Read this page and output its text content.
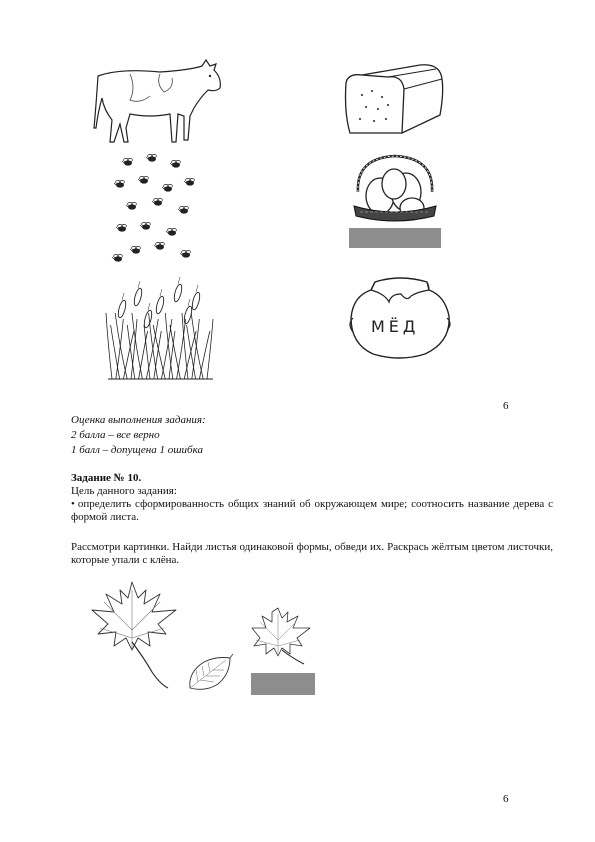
МЁД
6
Оценка выполнения задания:
2 балла – все верно
1 балл – допущена 1 ошибка

Задание № 10.

Цель данного задания:

• определить сформированность общих знаний об окружающем мире; соотносить название дерева с формой листа.

Рассмотри картинки. Найди листья одинаковой формы, обведи их. Раскрась жёлтым цветом листочки, которые упали с клёна.

6
